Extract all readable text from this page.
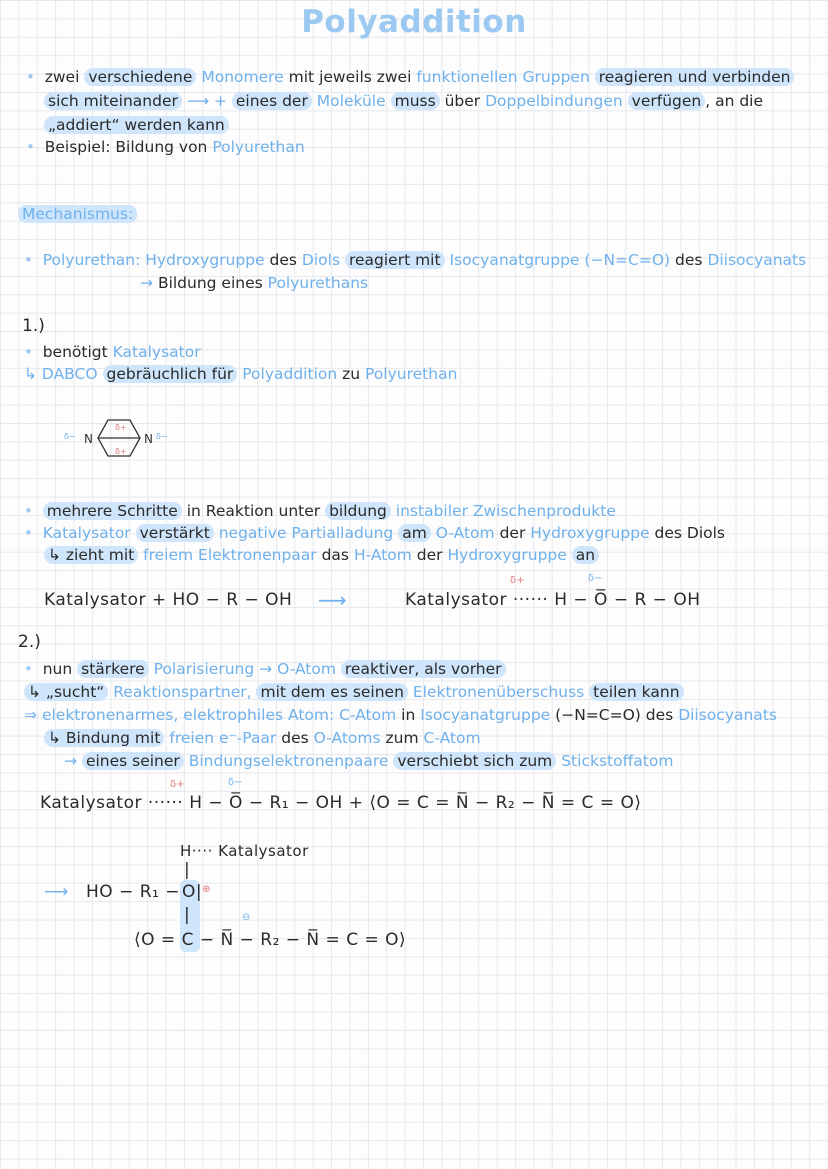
Polyaddition
• zwei verschiedene Monomere mit jeweils zwei funktionellen Gruppen reagieren und verbinden
sich miteinander ⟶ + eines der Moleküle muss über Doppelbindungen verfügen , an die
„addiert“ werden kann
• Beispiel: Bildung von Polyurethan
Mechanismus:
• Polyurethan: Hydroxygruppe des Diols reagiert mit Isocyanatgruppe (−N=C=O) des Diisocyanats
→ Bildung eines Polyurethans
1.)
• benötigt Katalysator
↳ DABCO gebräuchlich für Polyaddition zu Polyurethan
N	N
δ+
δ+
δ−	δ−
• mehrere Schritte in Reaktion unter bildung instabiler Zwischenprodukte
• Katalysator verstärkt negative Partialladung am O-Atom der Hydroxygruppe des Diols
↳ zieht mit freiem Elektronenpaar das H-Atom der Hydroxygruppe an
Katalysator + HO − R − OH ⟶	Katalysator ······ H − O̅ − R − OH
δ+	δ−
2.)
• nun stärkere Polarisierung → O-Atom reaktiver, als vorher
↳ „sucht“ Reaktionspartner, mit dem es seinen Elektronenüberschuss teilen kann
⇒ elektronenarmes, elektrophiles Atom: C-Atom in Isocyanatgruppe (−N=C=O) des Diisocyanats
↳ Bindung mit freien e⁻-Paar des O-Atoms zum C-Atom
→ eines seiner Bindungselektronenpaare verschiebt sich zum Stickstoffatom
Katalysator ······ H − O̅ − R₁ − OH + ⟨O = C = N̅ − R₂ − N̅ = C = O⟩
δ+	δ−
H···· Katalysator
|
⟶ HO − R₁ − O| ⊕
|
⟨O = C − N̅ − R₂ − N̅ = C = O⟩
⊖
